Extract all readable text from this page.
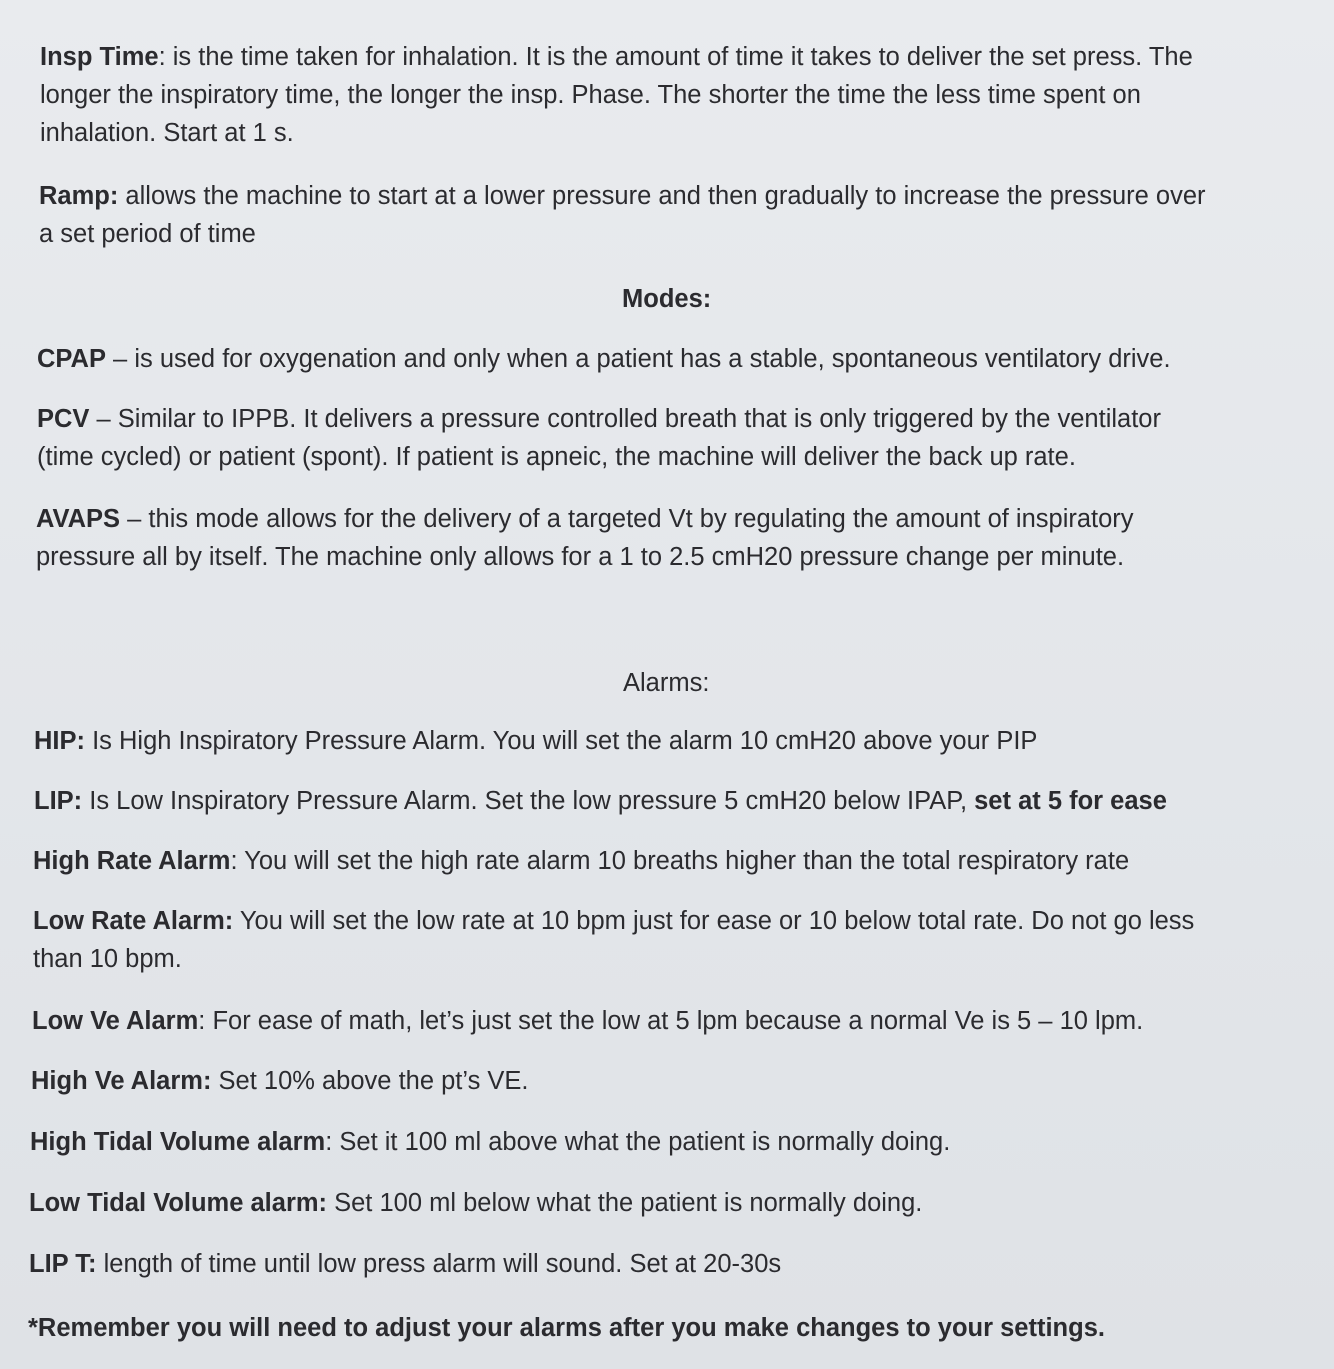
Insp Time: is the time taken for inhalation. It is the amount of time it takes to deliver the set press. The
longer the inspiratory time, the longer the insp. Phase. The shorter the time the less time spent on
inhalation. Start at 1 s.

Ramp: allows the machine to start at a lower pressure and then gradually to increase the pressure over
a set period of time

Modes:

CPAP – is used for oxygenation and only when a patient has a stable, spontaneous ventilatory drive.

PCV – Similar to IPPB. It delivers a pressure controlled breath that is only triggered by the ventilator
(time cycled) or patient (spont). If patient is apneic, the machine will deliver the back up rate.

AVAPS – this mode allows for the delivery of a targeted Vt by regulating the amount of inspiratory
pressure all by itself. The machine only allows for a 1 to 2.5 cmH20 pressure change per minute.

Alarms:

HIP: Is High Inspiratory Pressure Alarm. You will set the alarm 10 cmH20 above your PIP

LIP: Is Low Inspiratory Pressure Alarm. Set the low pressure 5 cmH20 below IPAP, set at 5 for ease

High Rate Alarm: You will set the high rate alarm 10 breaths higher than the total respiratory rate

Low Rate Alarm: You will set the low rate at 10 bpm just for ease or 10 below total rate. Do not go less
than 10 bpm.

Low Ve Alarm: For ease of math, let’s just set the low at 5 lpm because a normal Ve is 5 – 10 lpm.

High Ve Alarm: Set 10% above the pt’s VE.

High Tidal Volume alarm: Set it 100 ml above what the patient is normally doing.

Low Tidal Volume alarm: Set 100 ml below what the patient is normally doing.

LIP T: length of time until low press alarm will sound. Set at 20-30s

*Remember you will need to adjust your alarms after you make changes to your settings.
